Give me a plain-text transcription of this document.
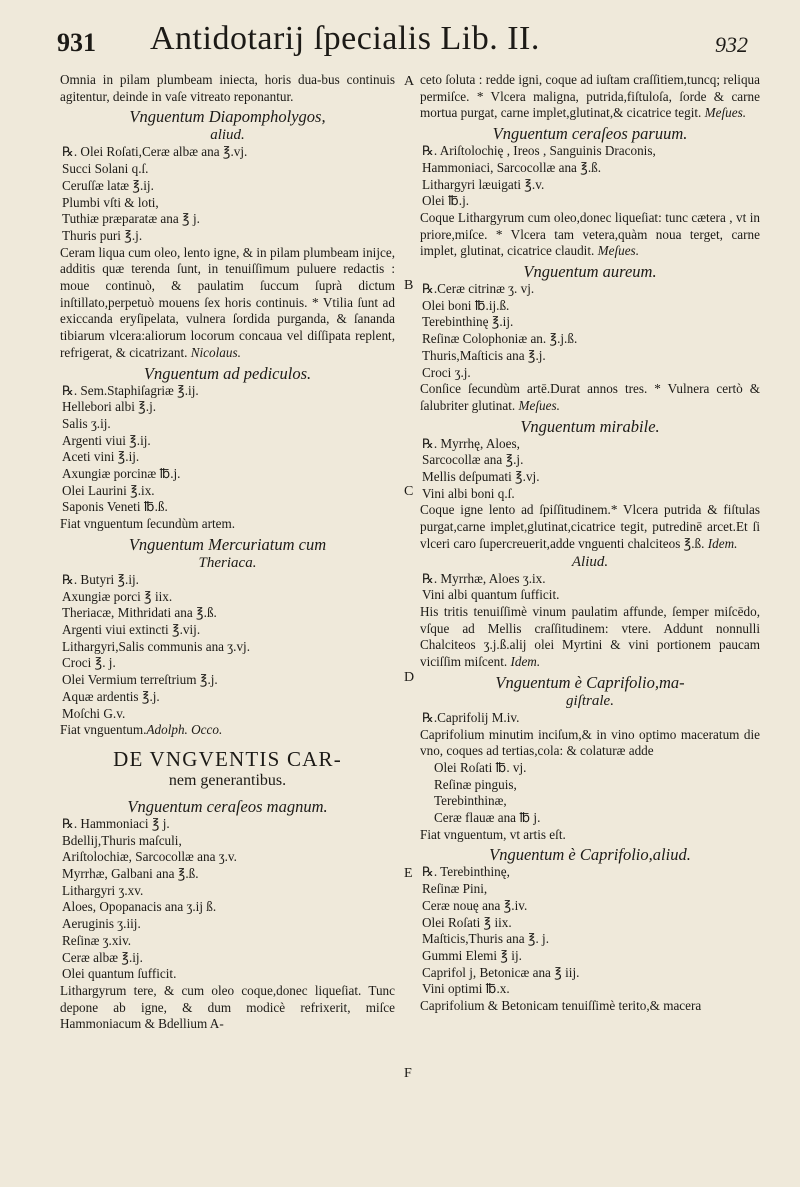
931 Antidotarij ſpecialis Lib. II.	932
A
B
C
D
E
F

Omnia in pilam plumbeam iniecta, horis dua-bus continuis agitentur, deinde in vaſe vitreato reponantur.

Vnguentum Diapompholygos,

aliud.

℞. Olei Roſati,Ceræ albæ ana ℥.vj.

Succi Solani q.ſ.

Ceruſſæ latæ ℥.ij.

Plumbi vſti & loti,

Tuthiæ præparatæ ana ℥ j.

Thuris puri ℥.j.

Ceram liqua cum oleo, lento igne, & in pilam plumbeam inijce, additis quæ terenda ſunt, in tenuiſſimum puluere redactis : moue continuò, & paulatim ſuccum ſuprà dictum inſtillato,perpetuò mouens ſex horis continuis. * Vtilia ſunt ad exiccanda eryſipelata, vulnera ſordida purganda, & ſananda tibiarum vlcera:aliorum locorum concaua vel diſſipata replent, refrigerat, & cicatrizant. Nicolaus.

Vnguentum ad pediculos.

℞. Sem.Staphiſagriæ ℥.ij.

Hellebori albi ℥.j.

Salis ʒ.ij.

Argenti viui ℥.ij.

Aceti vini ℥.ij.

Axungiæ porcinæ ℔.j.

Olei Laurini ℥.ix.

Saponis Veneti ℔.ß.

Fiat vnguentum ſecundùm artem.

Vnguentum Mercuriatum cum

Theriaca.

℞. Butyri ℥.ij.

Axungiæ porci ℥ iix.

Theriacæ, Mithridati ana ℥.ß.

Argenti viui extincti ℥.vij.

Lithargyri,Salis communis ana ʒ.vj.

Croci ℥. j.

Olei Vermium terreſtrium ℥.j.

Aquæ ardentis ℥.j.

Moſchi G.v.

Fiat vnguentum.Adolph. Occo.

DE VNGVENTIS CAR-

nem generantibus.

Vnguentum ceraſeos magnum.

℞. Hammoniaci ℥ j.

Bdellij,Thuris maſculi,

Ariſtolochiæ, Sarcocollæ ana ʒ.v.

Myrrhæ, Galbani ana ℥.ß.

Lithargyri ʒ.xv.

Aloes, Opopanacis ana ʒ.ij ß.

Aeruginis ʒ.iij.

Reſinæ ʒ.xiv.

Ceræ albæ ℥.ij.

Olei quantum ſufficit.

Lithargyrum tere, & cum oleo coque,donec liqueſiat. Tunc depone ab igne, & dum modicè refrixerit, miſce Hammoniacum & Bdellium A-

ceto ſoluta : redde igni, coque ad iuſtam craſſitiem,tuncq; reliqua permiſce. * Vlcera maligna, putrida,fiſtuloſa, ſorde & carne mortua purgat, carne implet,glutinat,& cicatrice tegit. Meſues.

Vnguentum ceraſeos paruum.

℞. Ariſtolochię , Ireos , Sanguinis Draconis,

Hammoniaci, Sarcocollæ ana ℥.ß.

Lithargyri læuigati ℥.v.

Olei ℔.j.

Coque Lithargyrum cum oleo,donec liqueſiat: tunc cætera , vt in priore,miſce. * Vlcera tam vetera,quàm noua terget, carne implet, glutinat, cicatrice claudit. Meſues.

Vnguentum aureum.

℞.Ceræ citrinæ ʒ. vj.

Olei boni ℔.ij.ß.

Terebinthinę ℥.ij.

Reſinæ Colophoniæ an. ℥.j.ß.

Thuris,Maſticis ana ℥.j.

Croci ʒ.j.

Conſice ſecundùm artē.Durat annos tres. * Vulnera certò & ſalubriter glutinat. Meſues.

Vnguentum mirabile.

℞. Myrrhę, Aloes,

Sarcocollæ ana ℥.j.

Mellis deſpumati ℥.vj.

Vini albi boni q.ſ.

Coque igne lento ad ſpiſſitudinem.* Vlcera putrida & fiſtulas purgat,carne implet,glutinat,cicatrice tegit, putredinē arcet.Et ſi vlceri caro ſupercreuerit,adde vnguenti chalciteos ℥.ß. Idem.

Aliud.

℞. Myrrhæ, Aloes ʒ.ix.

Vini albi quantum ſufficit.

His tritis tenuiſſimè vinum paulatim affunde, ſemper miſcēdo, vſque ad Mellis craſſitudinem: vtere. Addunt nonnulli Chalciteos ʒ.j.ß.alij olei Myrtini & vini portionem paucam viciſſim miſcent. Idem.

Vnguentum è Caprifolio,ma-

giſtrale.

℞.Caprifolij M.iv.

Caprifolium minutim inciſum,& in vino optimo maceratum die vno, coques ad tertias,cola: & colaturæ adde

Olei Roſati ℔. vj.

Reſinæ pinguis,

Terebinthinæ,

Ceræ flauæ ana ℔ j.

Fiat vnguentum, vt artis eſt.

Vnguentum è Caprifolio,aliud.

℞. Terebinthinę,

Reſinæ Pini,

Ceræ nouę ana ℥.iv.

Olei Roſati ℥ iix.

Maſticis,Thuris ana ℥. j.

Gummi Elemi ℥ ij.

Caprifol j, Betonicæ ana ℥ iij.

Vini optimi ℔.x.

Caprifolium & Betonicam tenuiſſimè terito,& macera
